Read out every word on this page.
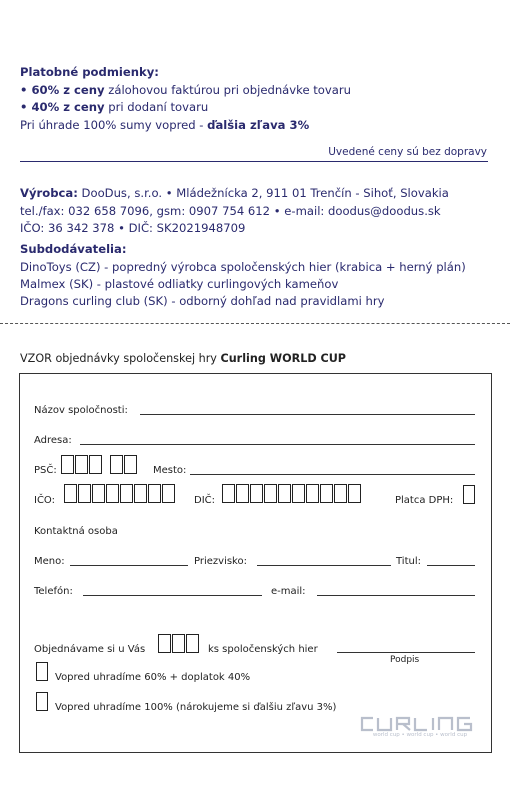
Platobné podmienky:
• 60% z ceny zálohovou faktúrou pri objednávke tovaru
• 40% z ceny pri dodaní tovaru
Pri úhrade 100% sumy vopred - ďalšia zľava 3%
Uvedené ceny sú bez dopravy
Výrobca: DooDus, s.r.o. • Mládežnícka 2, 911 01 Trenčín - Sihoť, Slovakia
tel./fax: 032 658 7096, gsm: 0907 754 612 • e-mail: doodus@doodus.sk
IČO: 36 342 378 • DIČ: SK2021948709
Subdodávatelia:
DinoToys (CZ) - popredný výrobca spoločenských hier (krabica + herný plán)
Malmex (SK) - plastové odliatky curlingových kameňov
Dragons curling club (SK) - odborný dohľad nad pravidlami hry
VZOR objednávky spoločenskej hry Curling WORLD CUP
Názov spoločnosti:
Adresa:
PSČ:	Mesto:
IČO:	DIČ:	Platca DPH:
Kontaktná osoba
Meno:	Priezvisko:	Titul:
Telefón:	e-mail:
Objednávame si u Vás	ks spoločenských hier
Podpis
Vopred uhradíme 60% + doplatok 40%
Vopred uhradíme 100% (nárokujeme si ďalšiu zľavu 3%)
world cup • world cup • world cup
